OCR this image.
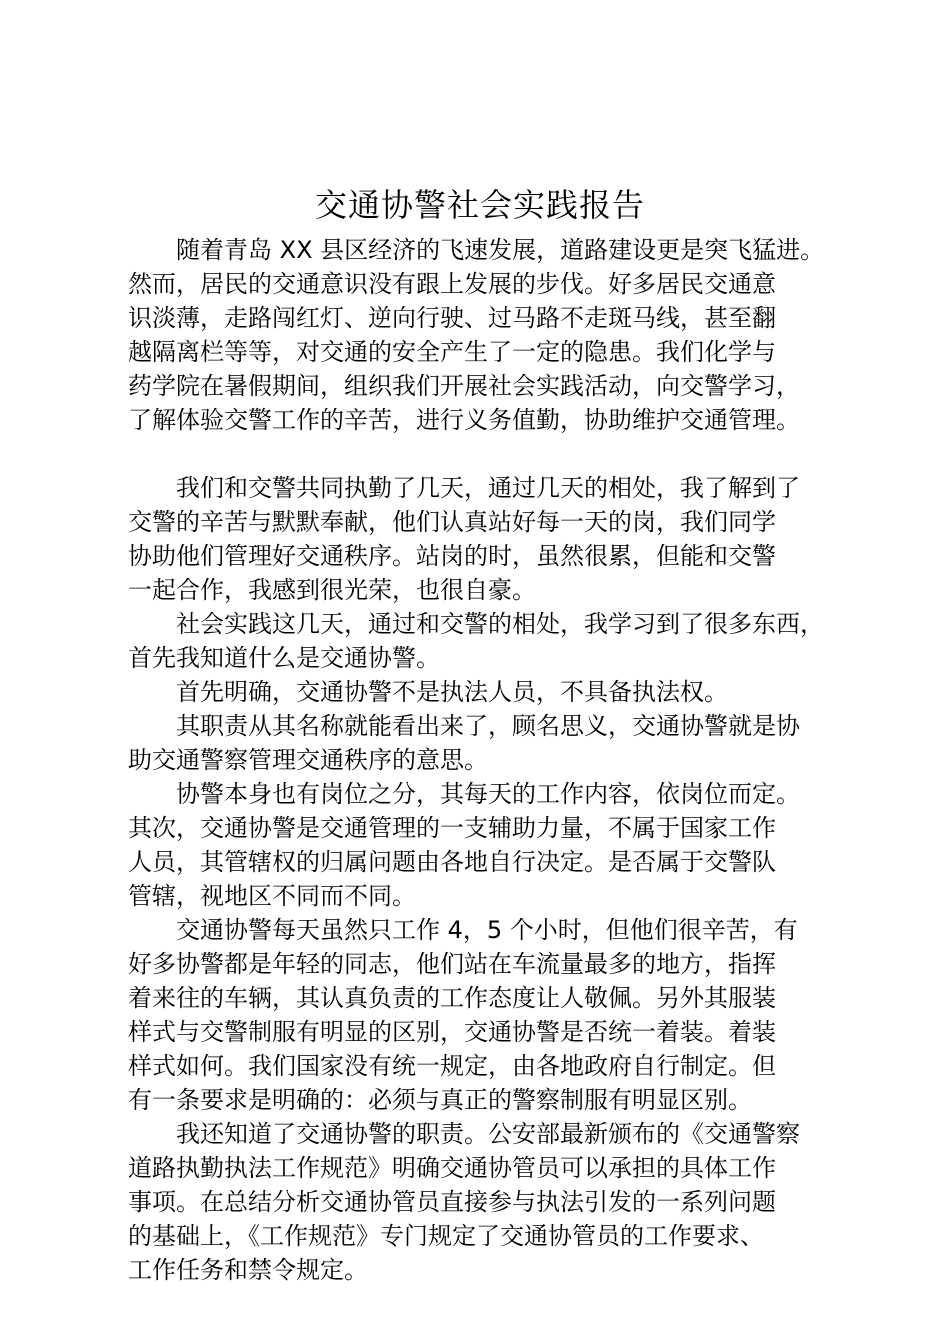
交通协警社会实践报告
　　随着青岛 XX 县区经济的飞速发展，道路建设更是突飞猛进。
然而，居民的交通意识没有跟上发展的步伐。好多居民交通意
识淡薄，走路闯红灯、逆向行驶、过马路不走斑马线，甚至翻
越隔离栏等等，对交通的安全产生了一定的隐患。我们化学与
药学院在暑假期间，组织我们开展社会实践活动，向交警学习，
了解体验交警工作的辛苦，进行义务值勤，协助维护交通管理。
　　我们和交警共同执勤了几天，通过几天的相处，我了解到了
交警的辛苦与默默奉献，他们认真站好每一天的岗，我们同学
协助他们管理好交通秩序。站岗的时，虽然很累，但能和交警
一起合作，我感到很光荣，也很自豪。
　　社会实践这几天，通过和交警的相处，我学习到了很多东西，
首先我知道什么是交通协警。
　　首先明确，交通协警不是执法人员，不具备执法权。
　　其职责从其名称就能看出来了，顾名思义，交通协警就是协
助交通警察管理交通秩序的意思。
　　协警本身也有岗位之分，其每天的工作内容，依岗位而定。
其次，交通协警是交通管理的一支辅助力量，不属于国家工作
人员，其管辖权的归属问题由各地自行决定。是否属于交警队
管辖，视地区不同而不同。
　　交通协警每天虽然只工作 4，5 个小时，但他们很辛苦，有
好多协警都是年轻的同志，他们站在车流量最多的地方，指挥
着来往的车辆，其认真负责的工作态度让人敬佩。另外其服装
样式与交警制服有明显的区别，交通协警是否统一着装。着装
样式如何。我们国家没有统一规定，由各地政府自行制定。但
有一条要求是明确的：必须与真正的警察制服有明显区别。
　　我还知道了交通协警的职责。公安部最新颁布的《交通警察
道路执勤执法工作规范》明确交通协管员可以承担的具体工作
事项。在总结分析交通协管员直接参与执法引发的一系列问题
的基础上，《工作规范》专门规定了交通协管员的工作要求、
工作任务和禁令规定。
